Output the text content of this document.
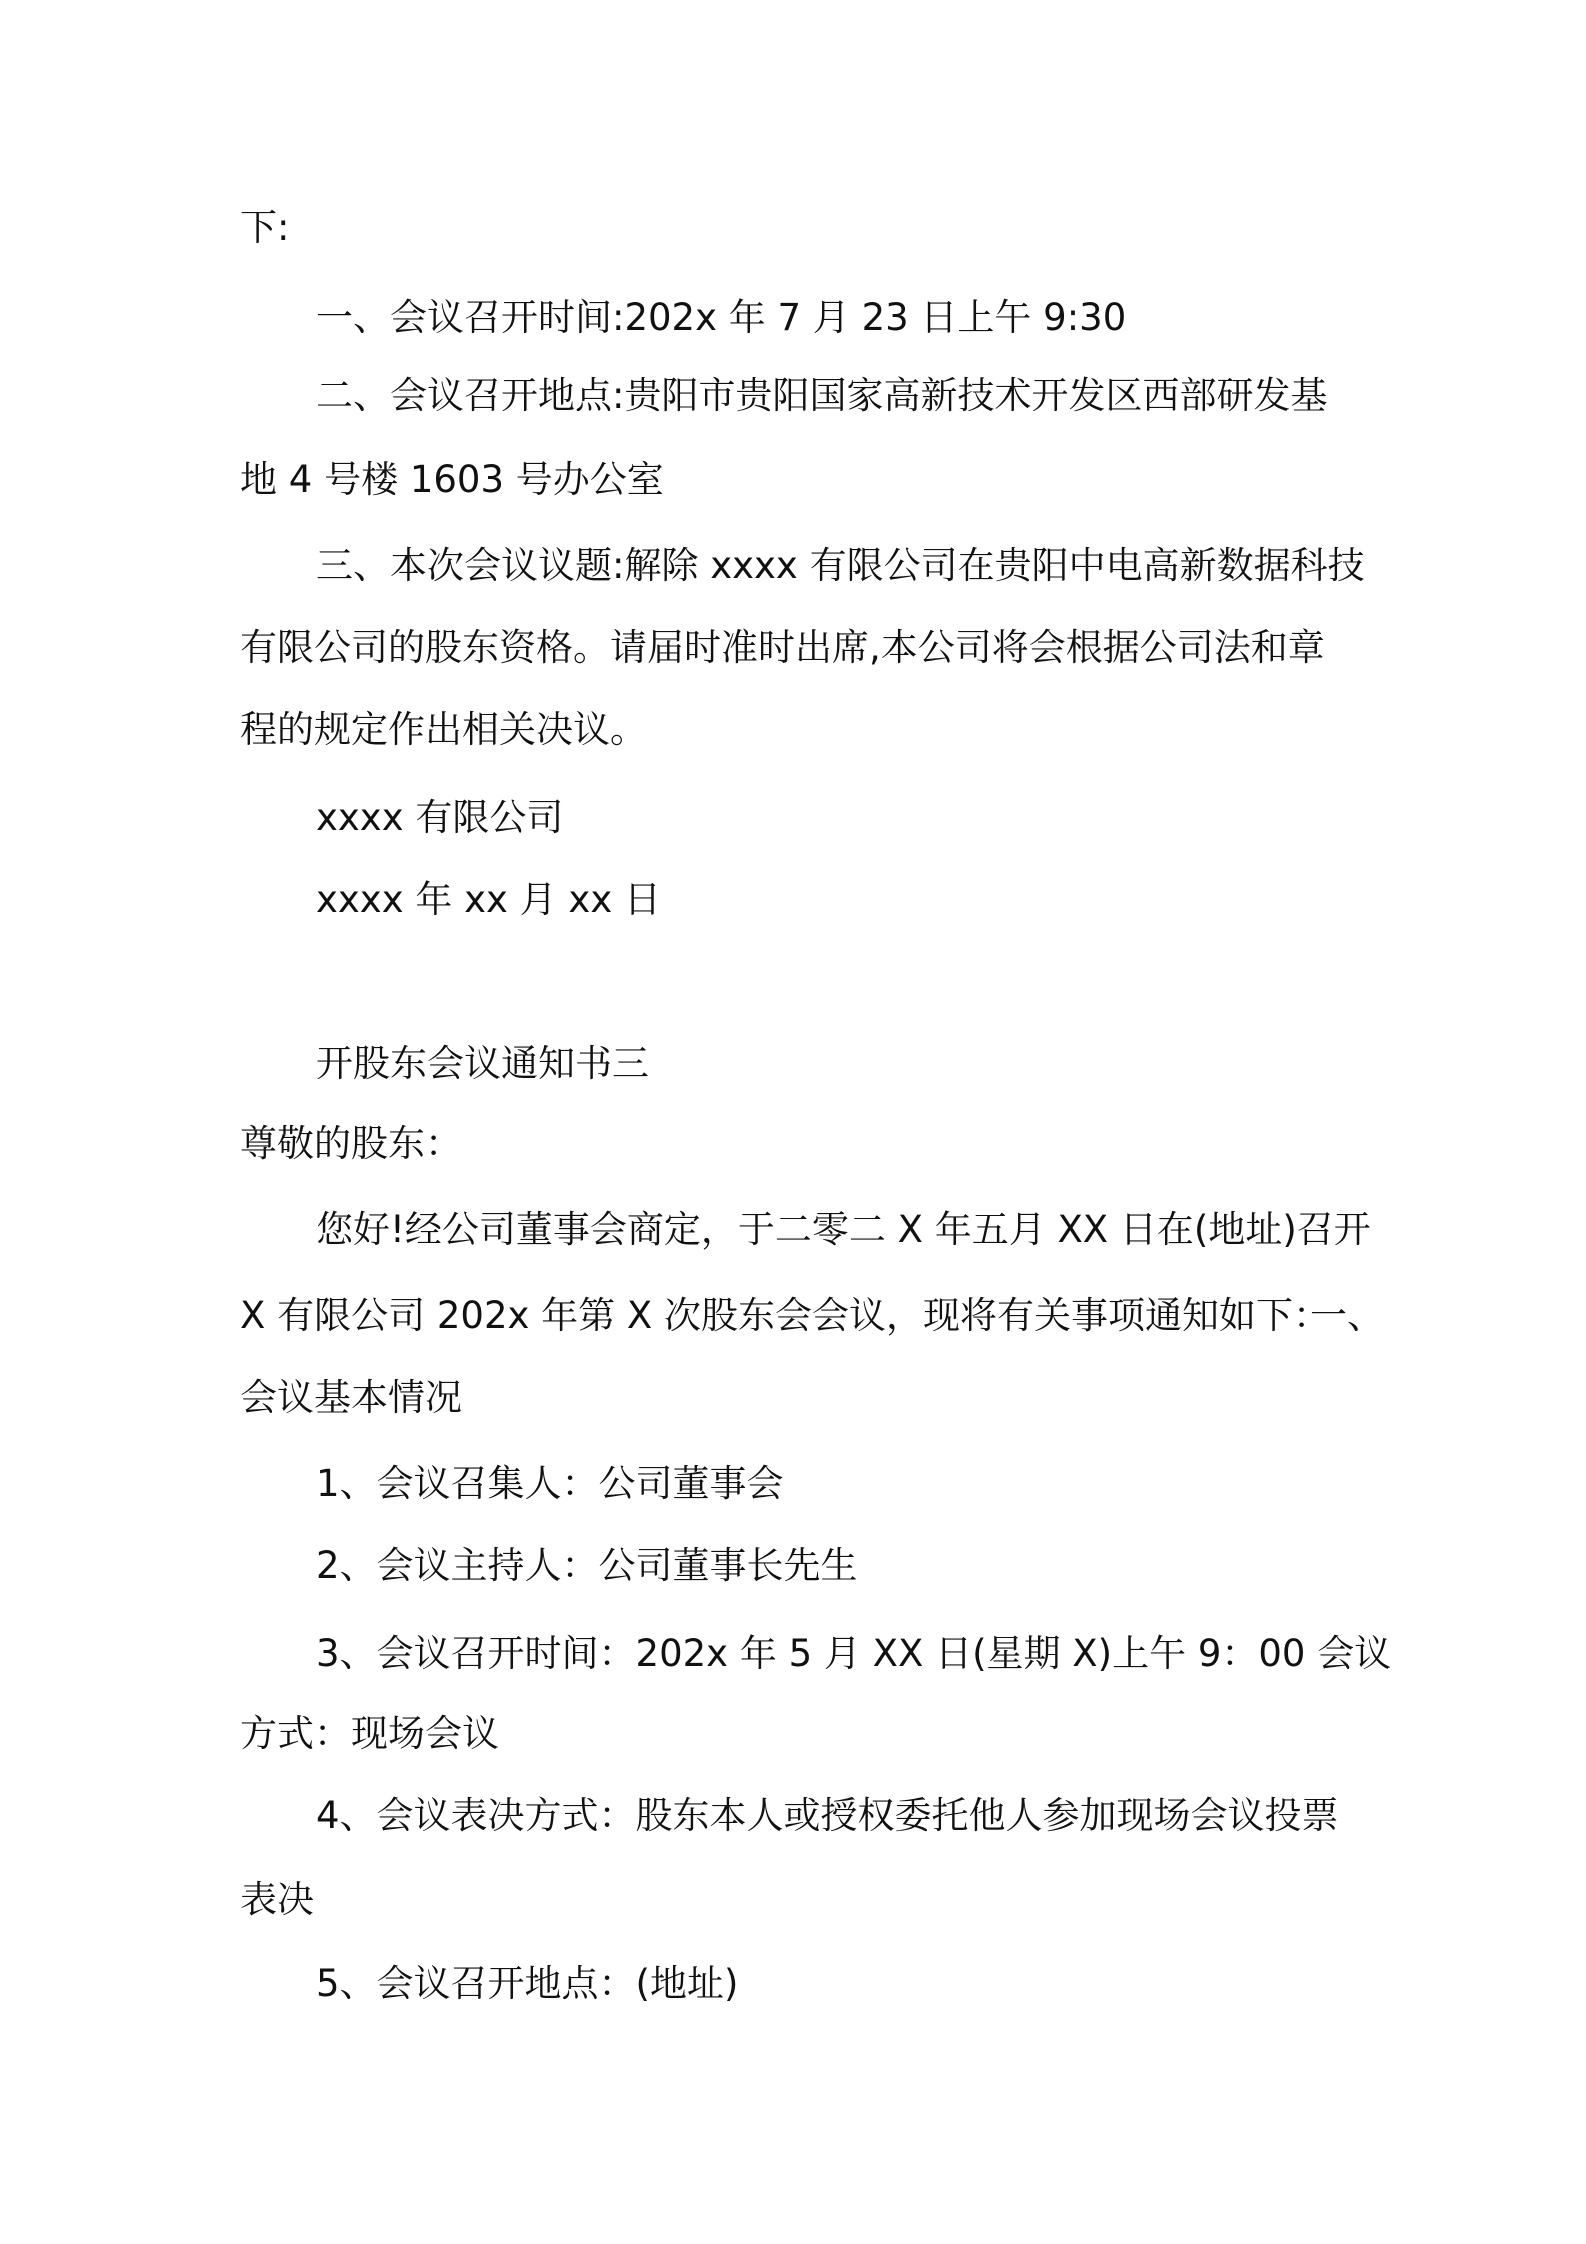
下:
一、会议召开时间:202x 年 7 月 23 日上午 9:30
二、会议召开地点:贵阳市贵阳国家高新技术开发区西部研发基
地 4 号楼 1603 号办公室
三、本次会议议题:解除 xxxx 有限公司在贵阳中电高新数据科技
有限公司的股东资格。请届时准时出席,本公司将会根据公司法和章
程的规定作出相关决议。
xxxx 有限公司
xxxx 年 xx 月 xx 日
开股东会议通知书三
尊敬的股东：
您好!经公司董事会商定，于二零二 X 年五月 XX 日在(地址)召开
X 有限公司 202x 年第 X 次股东会会议，现将有关事项通知如下：
一、
会议基本情况
1、会议召集人：公司董事会
2、会议主持人：公司董事长先生
3、会议召开时间：202x 年 5 月 XX 日(星期 X)上午 9：00 会议
方式：现场会议
4、会议表决方式：股东本人或授权委托他人参加现场会议投票
表决
5、会议召开地点：(地址)
